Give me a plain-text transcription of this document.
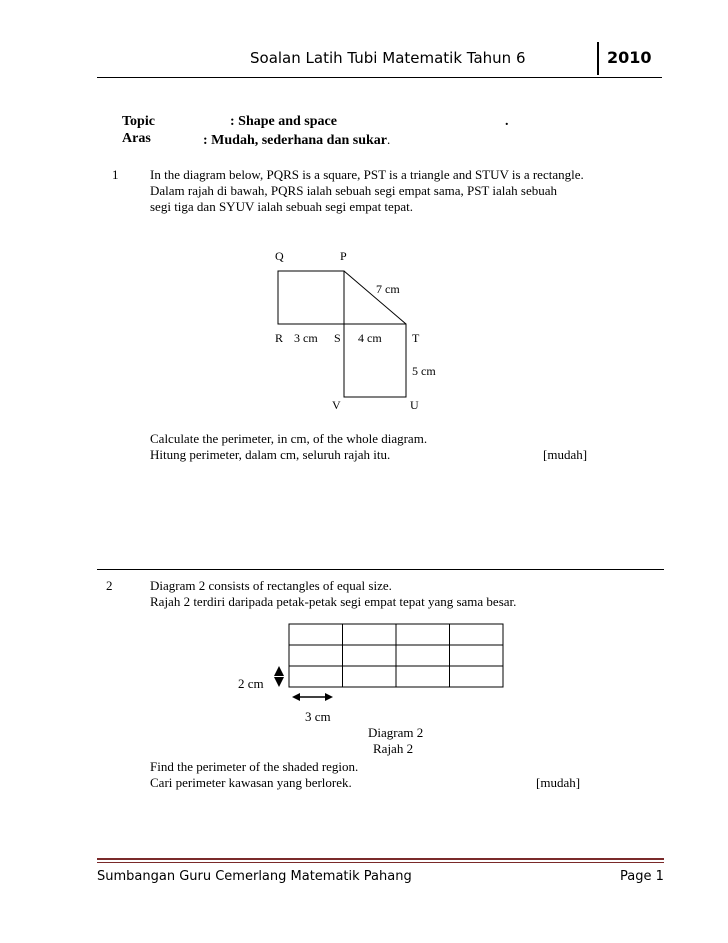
Soalan Latih Tubi Matematik Tahun 6	2010
Topic	: Shape and space	.
Aras	: Mudah, sederhana dan sukar.
1 In the diagram below, PQRS is a square, PST is a triangle and STUV is a rectangle.
Dalam rajah di bawah, PQRS ialah sebuah segi empat sama, PST ialah sebuah
segi tiga dan SYUV ialah sebuah segi empat tepat.
Q	P
7 cm
R 3 cm S 4 cm	T
5 cm
V	U
Calculate the perimeter, in cm, of the whole diagram.
Hitung perimeter, dalam cm, seluruh rajah itu.	[mudah]
2	Diagram 2 consists of rectangles of equal size.
Rajah 2 terdiri daripada petak-petak segi empat tepat yang sama besar.
2 cm
3 cm
Diagram 2
Rajah 2
Find the perimeter of the shaded region.
Cari perimeter kawasan yang berlorek.	[mudah]
Sumbangan Guru Cemerlang Matematik Pahang	Page 1
